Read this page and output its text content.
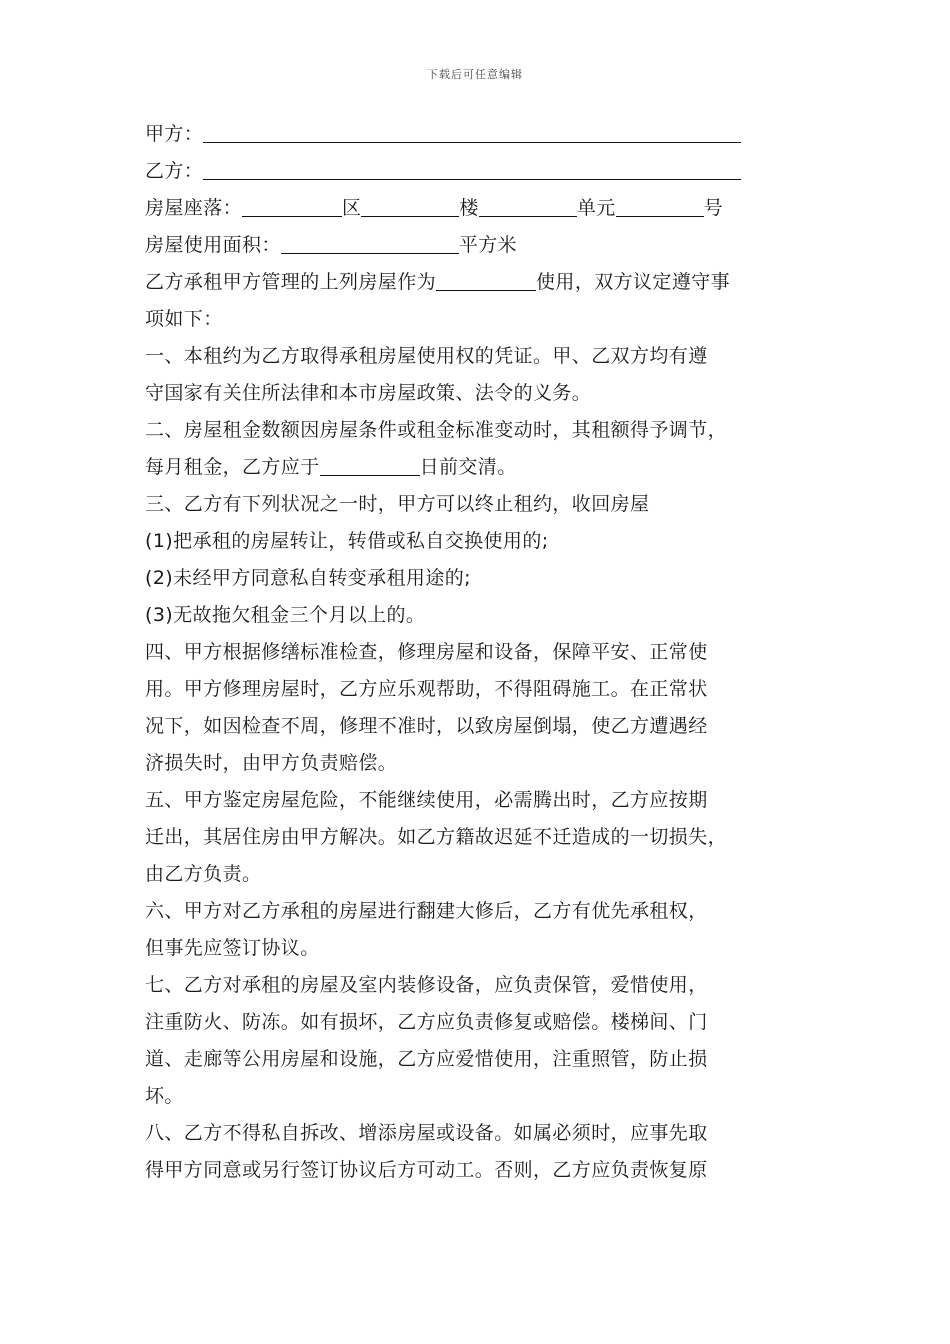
下载后可任意编辑
甲方：
乙方：
房屋座落：	区	楼	单元	号
房屋使用面积：	平方米
乙方承租甲方管理的上列房屋作为	使用，双方议定遵守事
项如下：
一、本租约为乙方取得承租房屋使用权的凭证。甲、乙双方均有遵
守国家有关住所法律和本市房屋政策、法令的义务。
二、房屋租金数额因房屋条件或租金标准变动时，其租额得予调节，
每月租金，乙方应于	日前交清。
三、乙方有下列状况之一时，甲方可以终止租约，收回房屋
(1)把承租的房屋转让，转借或私自交换使用的;
(2)未经甲方同意私自转变承租用途的;
(3)无故拖欠租金三个月以上的。
四、甲方根据修缮标准检查，修理房屋和设备，保障平安、正常使
用。甲方修理房屋时，乙方应乐观帮助，不得阻碍施工。在正常状
况下，如因检查不周，修理不准时，以致房屋倒塌，使乙方遭遇经
济损失时，由甲方负责赔偿。
五、甲方鉴定房屋危险，不能继续使用，必需腾出时，乙方应按期
迁出，其居住房由甲方解决。如乙方籍故迟延不迁造成的一切损失，
由乙方负责。
六、甲方对乙方承租的房屋进行翻建大修后，乙方有优先承租权，
但事先应签订协议。
七、乙方对承租的房屋及室内装修设备，应负责保管，爱惜使用，
注重防火、防冻。如有损坏，乙方应负责修复或赔偿。楼梯间、门
道、走廊等公用房屋和设施，乙方应爱惜使用，注重照管，防止损
坏。
八、乙方不得私自拆改、增添房屋或设备。如属必须时，应事先取
得甲方同意或另行签订协议后方可动工。否则，乙方应负责恢复原
